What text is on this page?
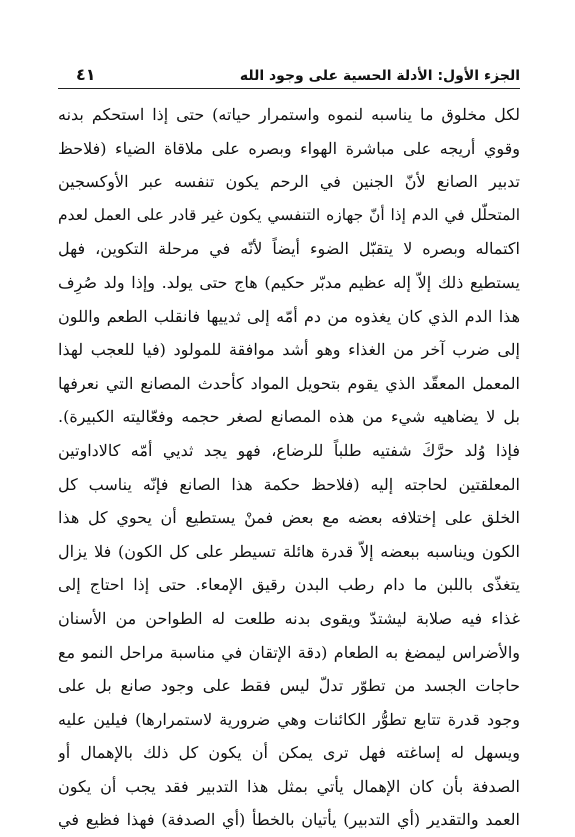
الجزء الأول: الأدلة الحسية على وجود الله
٤١
لكل مخلوق ما يناسبه لنموه واستمرار حياته) حتى إذا استحكم بدنه
وقوي أريجه على مباشرة الهواء وبصره على ملاقاة الضياء (فلاحظ
تدبير الصانع لأنّ الجنين في الرحم يكون تنفسه عبر الأوكسجين
المتحلّل في الدم إذا أنّ جهازه التنفسي يكون غير قادر على العمل لعدم
اكتماله وبصره لا يتقبّل الضوء أيضاً لأنّه في مرحلة التكوين، فهل
يستطيع ذلك إلاّ إله عظيم مدبّر حكيم) هاج حتى يولد. وإذا ولد صُرِف
هذا الدم الذي كان يغذوه من دم أمّه إلى ثدييها فانقلب الطعم واللون
إلى ضرب آخر من الغذاء وهو أشد موافقة للمولود (فيا للعجب لهذا
المعمل المعقّد الذي يقوم بتحويل المواد كأحدث المصانع التي نعرفها
بل لا يضاهيه شيء من هذه المصانع لصغر حجمه وفعّاليته الكبيرة).
فإذا وُلد حرَّكَ شفتيه طلباً للرضاع، فهو يجد ثديي أمّه كالاداوتين
المعلقتين لحاجته إليه (فلاحظ حكمة هذا الصانع فإنّه يناسب كل
الخلق على إختلافه بعضه مع بعض فمنْ يستطيع أن يحوي كل هذا
الكون ويناسبه ببعضه إلاّ قدرة هائلة تسيطر على كل الكون) فلا يزال
يتغذّى باللبن ما دام رطب البدن رقيق الإمعاء. حتى إذا احتاج إلى
غذاء فيه صلابة ليشتدّ ويقوى بدنه طلعت له الطواحن من الأسنان
والأضراس ليمضغ به الطعام (دقة الإتقان في مناسبة مراحل النمو مع
حاجات الجسد من تطوّر تدلّ ليس فقط على وجود صانع بل على
وجود قدرة تتابع تطوُّر الكائنات وهي ضرورية لاستمرارها) فيلين عليه
ويسهل له إساغته فهل ترى يمكن أن يكون كل ذلك بالإهمال أو
الصدفة بأن كان الإهمال يأتي بمثل هذا التدبير فقد يجب أن يكون
العمد والتقدير (أي التدبير) يأتيان بالخطأ (أي الصدفة) فهذا فظيع في
